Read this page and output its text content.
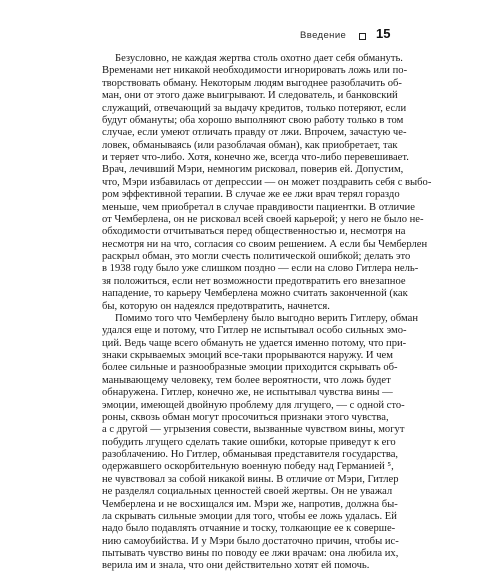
Введение	15
Безусловно, не каждая жертва столь охотно дает себя обмануть.
Временами нет никакой необходимости игнорировать ложь или по-
творствовать обману. Некоторым людям выгоднее разоблачить об-
ман, они от этого даже выигрывают. И следователь, и банковский
служащий, отвечающий за выдачу кредитов, только потеряют, если
будут обмануты; оба хорошо выполняют свою работу только в том
случае, если умеют отличать правду от лжи. Впрочем, зачастую че-
ловек, обманываясь (или разоблачая обман), как приобретает, так
и теряет что-либо. Хотя, конечно же, всегда что-либо перевешивает.
Врач, лечивший Мэри, немногим рисковал, поверив ей. Допустим,
что, Мэри избавилась от депрессии — он может поздравить себя с выбо-
ром эффективной терапии. В случае же ее лжи врач терял гораздо
меньше, чем приобретал в случае правдивости пациентки. В отличие
от Чемберлена, он не рисковал всей своей карьерой; у него не было не-
обходимости отчитываться перед общественностью и, несмотря на
несмотря ни на что, согласия со своим решением. А если бы Чемберлен
раскрыл обман, это могли счесть политической ошибкой; делать это
в 1938 году было уже слишком поздно — если на слово Гитлера нель-
зя положиться, если нет возможности предотвратить его внезапное
нападение, то карьеру Чемберлена можно считать законченной (как
бы, которую он надеялся предотвратить, начнется.
Помимо того что Чемберлену было выгодно верить Гитлеру, обман
удался еще и потому, что Гитлер не испытывал особо сильных эмо-
ций. Ведь чаще всего обмануть не удается именно потому, что при-
знаки скрываемых эмоций все-таки прорываются наружу. И чем
более сильные и разнообразные эмоции приходится скрывать об-
манывающему человеку, тем более вероятности, что ложь будет
обнаружена. Гитлер, конечно же, не испытывал чувства вины —
эмоции, имеющей двойную проблему для лгущего, — с одной сто-
роны, сквозь обман могут просочиться признаки этого чувства,
а с другой — угрызения совести, вызванные чувством вины, могут
побудить лгущего сделать такие ошибки, которые приведут к его
разоблачению. Но Гитлер, обманывая представителя государства,
одержавшего оскорбительную военную победу над Германией ⁵,
не чувствовал за собой никакой вины. В отличие от Мэри, Гитлер
не разделял социальных ценностей своей жертвы. Он не уважал
Чемберлена и не восхищался им. Мэри же, напротив, должна бы-
ла скрывать сильные эмоции для того, чтобы ее ложь удалась. Ей
надо было подавлять отчаяние и тоску, толкающие ее к соверше-
нию самоубийства. И у Мэри было достаточно причин, чтобы ис-
пытывать чувство вины по поводу ее лжи врачам: она любила их,
верила им и знала, что они действительно хотят ей помочь.
